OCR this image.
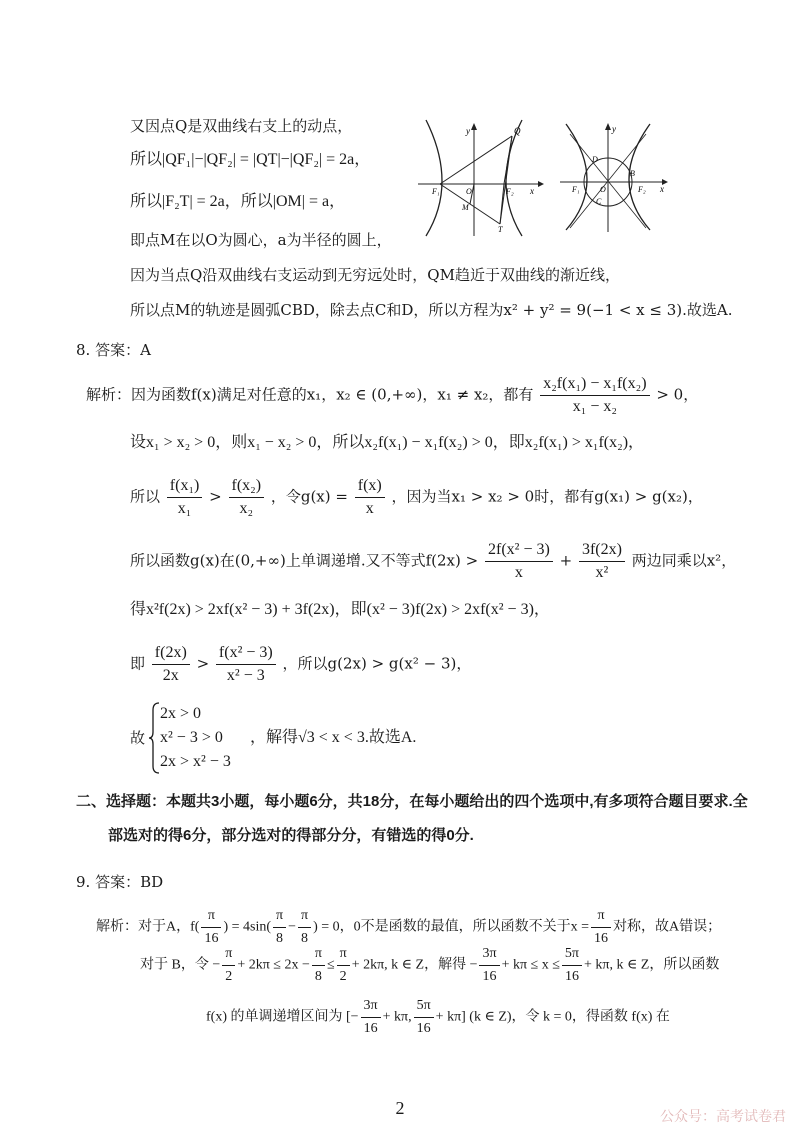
又因点Q是双曲线右支上的动点，
所以|QF₁|−|QF₂| = |QT|−|QF₂| = 2a，
所以|F₂T| = 2a，所以|OM| = a，
即点M在以O为圆心，a为半径的圆上，
因为当点Q沿双曲线右支运动到无穷远处时，QM趋近于双曲线的渐近线，
所以点M的轨迹是圆弧CBD，除去点C和D，所以方程为x² + y² = 9(−1 < x ≤ 3).故选A.
y
x
Q
F₁	F₂
O
M
T
y
x
D
B
C
F₁	F₂
O
8. 答案：A
解析：因为函数f(x)满足对任意的x₁，x₂ ∈ (0,+∞)，x₁ ≠ x₂，都有 $\frac{\text{x₂f(x₁) − x₁f(x₂)}}{\text{x₁ − x₂}} > 0$，
设x₁ > x₂ > 0，则x₁ − x₂ > 0，所以x₂f(x₁) − x₁f(x₂) > 0，即x₂f(x₁) > x₁f(x₂)，
所以 $\frac{\text{f(x₁)}}{\text{x₁}} > \frac{\text{f(x₂)}}{\text{x₂}}$ ，令$g(x) = \frac{f(x)}{x}$ ，因为当x₁ > x₂ > 0时，都有g(x₁) > g(x₂)，
所以函数g(x)在(0,+∞)上单调递增.又不等式$f(2x) > \frac{\text{2f(x² − 3)}}{x} + \frac{3f(2x)}{\text{x²}}$ 两边同乘以x²，
得x²f(2x) > 2xf(x² − 3) + 3f(2x)，即(x² − 3)f(2x) > 2xf(x² − 3)，
即 $\frac{f(2x)}{2x} > \frac{\text{f(x² − 3)}}{\text{x² − 3}}$ ，所以g(2x) > g(x² − 3)，
故
2x > 0
x² − 3 > 0
2x > x² − 3
，解得√3 < x < 3.故选A.
二、选择题：本题共3小题，每小题6分，共18分，在每小题给出的四个选项中,有多项符合题目要求.全
部选对的得6分，部分选对的得部分分，有错选的得0分.
9. 答案：BD
解析：对于A，$f( \frac{\pi}{16}$ ) = $4\sin( \frac{\pi}{8} - \frac{\pi}{8}$ ) = 0，0不是函数的最值，所以函数不关于$x = \frac{\pi}{16}$ 对称，故A错误；
对于 B，令 − $\frac{\pi}{2} + 2k\pi \le 2x - \frac{\pi}{8} \le \frac{\pi}{2} + 2k\pi$, k ∈ Z，解得 − $\frac{3\pi}{16} + k\pi \le x \le \frac{5\pi}{16} + k\pi$, k ∈ Z，所以函数
f(x) 的单调递增区间为 [− $\frac{3\pi}{16} + k\pi$, $\frac{5\pi}{16} + k\pi$] (k ∈ Z)，令 k = 0，得函数 f(x) 在
2	公众号：高考试卷君
